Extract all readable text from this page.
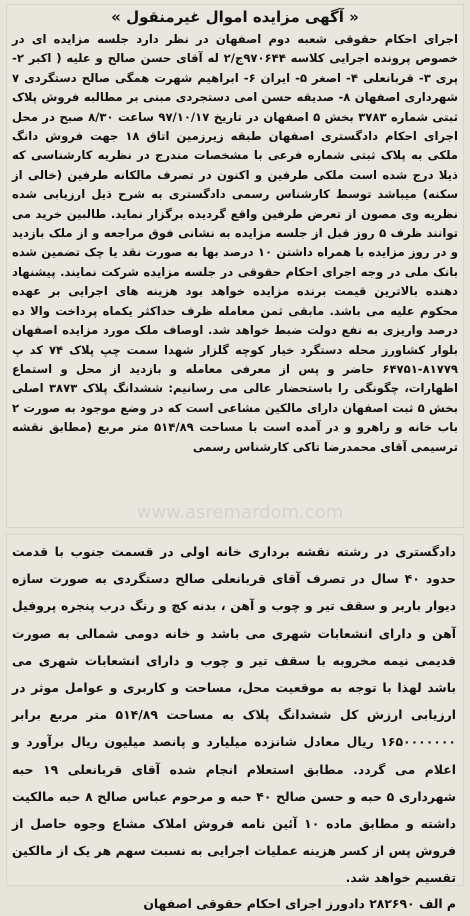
« آگهی مزایده اموال غیرمنقول »

اجرای احکام حقوقی شعبه دوم اصفهان در نظر دارد جلسه مزایده ای در خصوص پرونده اجرایی کلاسه ۹۷۰۶۴۴ج/۲ له آقای حسن صالح و علیه ( اکبر ۲- پری ۳- قربانعلی ۴- اصغر ۵- ایران ۶- ابراهیم شهرت همگی صالح دستگردی ۷ شهرداری اصفهان ۸- صدیقه حسن امی دستجردی مبنی بر مطالبه فروش پلاک ثبتی شماره ۳۷۸۳ بخش ۵ اصفهان در تاریخ ۹۷/۱۰/۱۷ ساعت ۸/۳۰ صبح در محل اجرای احکام دادگستری اصفهان طبقه زیرزمین اتاق ۱۸ جهت فروش دانگ ملکی به پلاک ثبتی شماره فرعی با مشخصات مندرج در نظریه کارشناسی که ذیلا درج شده است ملکی طرفین و اکنون در تصرف مالکانه طرفین (خالی از سکنه) میباشد توسط کارشناس رسمی دادگستری به شرح ذیل ارزیابی شده نظریه وی مصون از تعرض طرفین واقع گردیده برگزار نماید. طالبین خرید می توانند ظرف ۵ روز قبل از جلسه مزایده به نشانی فوق مراجعه و از ملک بازدید و در روز مزایده با همراه داشتن ۱۰ درصد بها به صورت نقد یا چک تضمین شده بانک ملی در وجه اجرای احکام حقوقی در جلسه مزایده شرکت نمایند. پیشنهاد دهنده بالاترین قیمت برنده مزایده خواهد بود هزینه های اجرایی بر عهده محکوم علیه می باشد. مابقی ثمن معامله ظرف حداکثر یکماه پرداخت والا ده درصد واریزی به نفع دولت ضبط خواهد شد. اوصاف ملک مورد مزایده اصفهان بلوار کشاورز محله دستگرد خیار کوچه گلزار شهدا سمت چپ پلاک ۷۴ کد پ ۸۱۷۷۹-۶۴۷۵۱ حاضر و پس از معرفی معامله و بازدید از محل و استماع اظهارات، چگونگی را باستحضار عالی می رسانیم: ششدانگ پلاک ۳۸۷۳ اصلی بخش ۵ ثبت اصفهان دارای مالکین مشاعی است که در وضع موجود به صورت ۲ باب خانه و راهرو و در آمده است با مساحت ۵۱۴/۸۹ متر مربع (مطابق نقشه ترسیمی آقای محمدرضا تاکی کارشناس رسمی

www.asremardom.com

دادگستری در رشته نقشه برداری خانه اولی در قسمت جنوب با قدمت حدود ۴۰ سال در تصرف آقای قربانعلی صالح دستگردی به صورت سازه دیوار باربر و سقف تیر و چوب و آهن ، بدنه کچ و رنگ درب پنجره پروفیل آهن و دارای انشعابات شهری می باشد و خانه دومی شمالی به صورت قدیمی نیمه مخروبه با سقف تیر و چوب و دارای انشعابات شهری می باشد لهذا با توجه به موقعیت محل، مساحت و کاربری و عوامل موثر در ارزیابی ارزش کل ششدانگ پلاک به مساحت ۵۱۴/۸۹ متر مربع برابر ۱۶۵۰۰۰۰۰۰۰ ریال معادل شانزده میلیارد و پانصد میلیون ریال برآورد و اعلام می گردد. مطابق استعلام انجام شده آقای قربانعلی ۱۹ حبه شهرداری ۵ حبه و حسن صالح ۴۰ حبه و مرحوم عباس صالح ۸ حبه مالکیت داشته و مطابق ماده ۱۰ آئین نامه فروش املاک مشاع وجوه حاصل از فروش پس از کسر هزینه عملیات اجرایی به نسبت سهم هر یک از مالکین تقسیم خواهد شد.

م الف ۲۸۲۶۹۰ دادورز اجرای احکام حقوقی اصفهان
